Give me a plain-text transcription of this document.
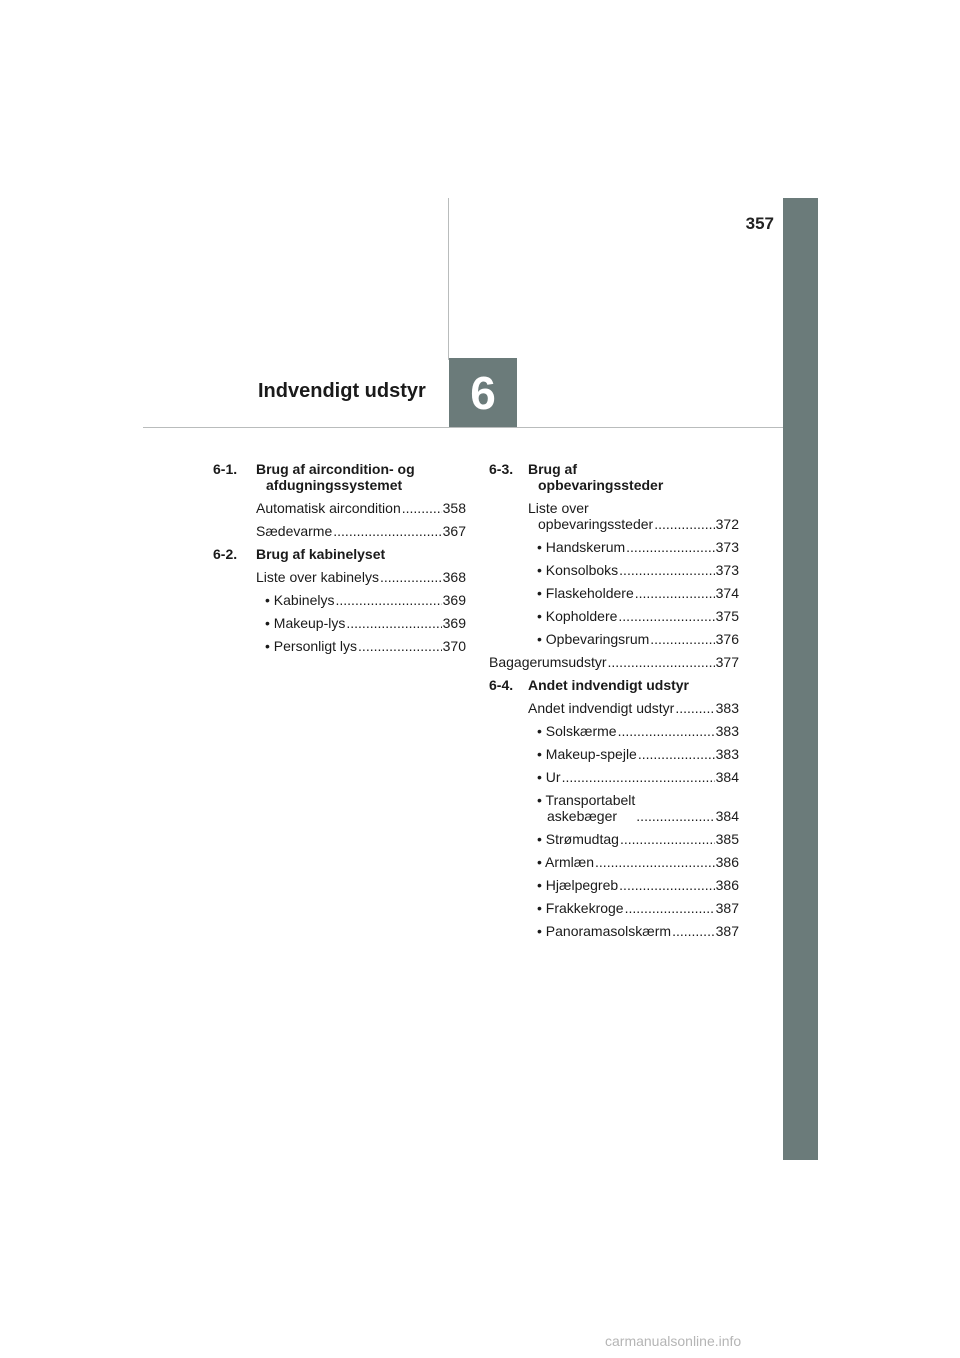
357
Indvendigt udstyr 6
6-1.	Brug af aircondition- og
afdugningssystemet
Automatisk aircondition .....	358
Sædevarme .....	367
6-2.	Brug af kabinelyset
Liste over kabinelys .....	368
• Kabinelys .....	369
• Makeup-lys .....	369
• Personligt lys .....	370
6-3.	Brug af
opbevaringssteder
Liste over
opbevaringssteder .....	372
• Handskerum .....	373
• Konsolboks .....	373
• Flaskeholdere .....	374
• Kopholdere .....	375
• Opbevaringsrum .....	376
Bagagerumsudstyr .....	377
6-4.	Andet indvendigt udstyr
Andet indvendigt udstyr .....	383
• Solskærme .....	383
• Makeup-spejle .....	383
• Ur .....	384
• Transportabelt
askebæger .....	384
• Strømudtag .....	385
• Armlæn .....	386
• Hjælpegreb .....	386
• Frakkekroge .....	387
• Panoramasolskærm .....	387
carmanualsonline.info
